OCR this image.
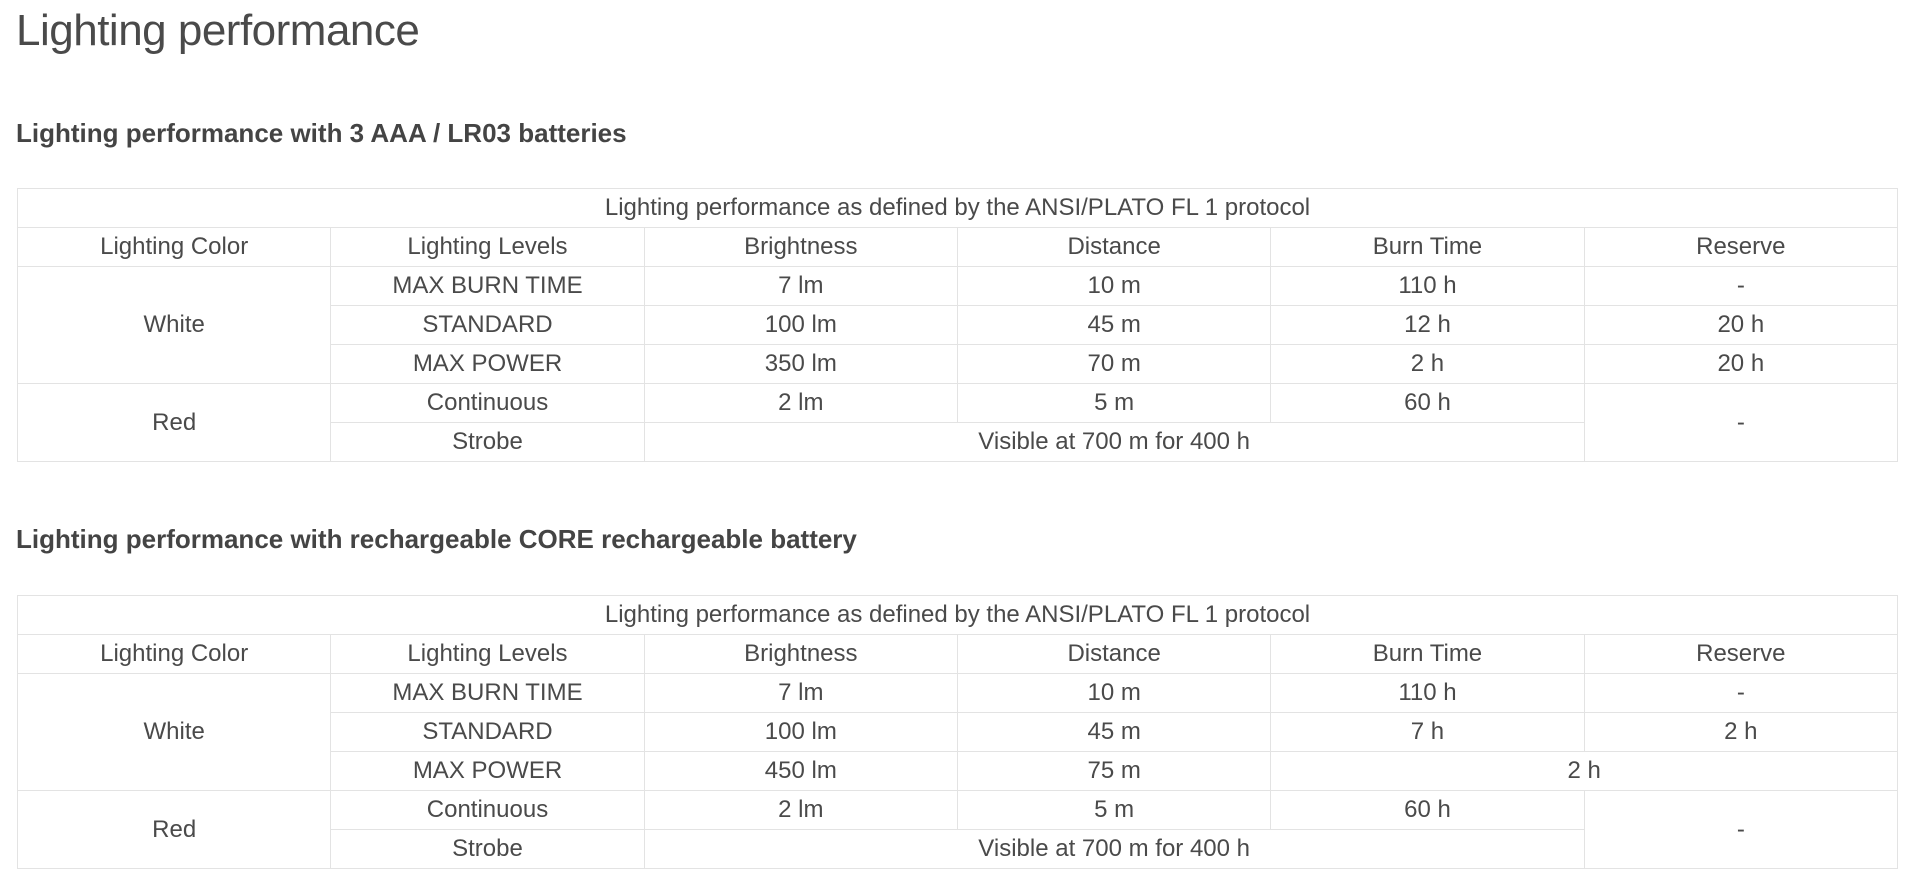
Lighting performance
Lighting performance with 3 AAA / LR03 batteries
Lighting performance as defined by the ANSI/PLATO FL 1 protocol					
Lighting Color	Lighting Levels	Brightness	Distance	Burn Time	Reserve
White	MAX BURN TIME	7 lm	10 m	110 h	-
	STANDARD	100 lm	45 m	12 h	20 h
	MAX POWER	350 lm	70 m	2 h	20 h
Red	Continuous	2 lm	5 m	60 h	-
	Strobe	Visible at 700 m for 400 h			
Lighting performance with rechargeable CORE rechargeable battery
Lighting performance as defined by the ANSI/PLATO FL 1 protocol					
Lighting Color	Lighting Levels	Brightness	Distance	Burn Time	Reserve
White	MAX BURN TIME	7 lm	10 m	110 h	-
	STANDARD	100 lm	45 m	7 h	2 h
	MAX POWER	450 lm	75 m	2 h	
Red	Continuous	2 lm	5 m	60 h	-
	Strobe	Visible at 700 m for 400 h			
